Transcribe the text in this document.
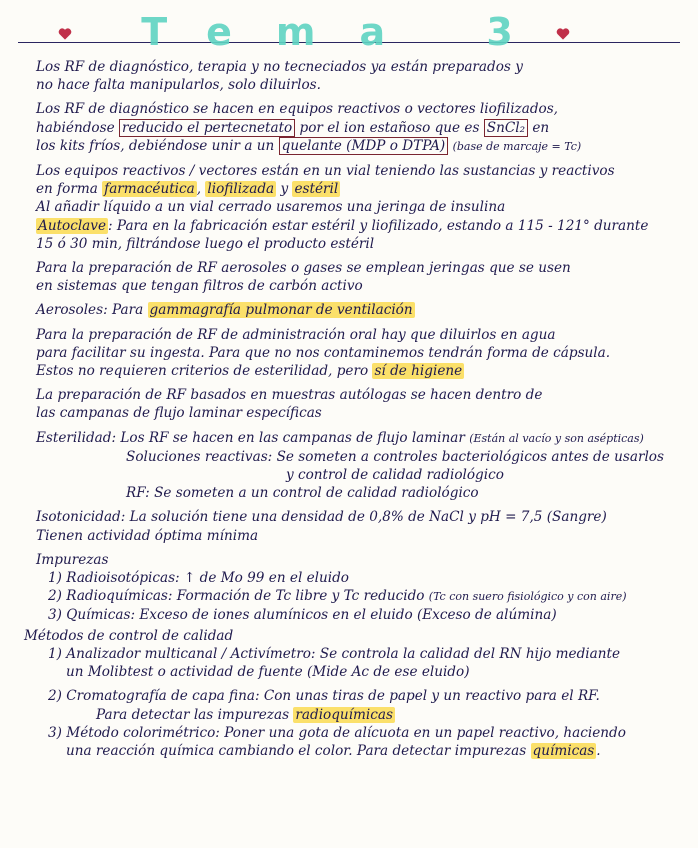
Tema 3

Los RF de diagnóstico, terapia y no tecneciados ya están preparados y

no hace falta manipularlos, solo diluirlos.

Los RF de diagnóstico se hacen en equipos reactivos o vectores liofilizados,

habiéndose reducido el pertecnetato por el ion estañoso que es SnCl₂ en

los kits fríos, debiéndose unir a un quelante (MDP o DTPA) (base de marcaje = Tc)

Los equipos reactivos / vectores están en un vial teniendo las sustancias y reactivos

en forma farmacéutica , liofilizada y estéril

Al añadir líquido a un vial cerrado usaremos una jeringa de insulina

Autoclave : Para en la fabricación estar estéril y liofilizado, estando a 115 - 121° durante

15 ó 30 min, filtrándose luego el producto estéril

Para la preparación de RF aerosoles o gases se emplean jeringas que se usen

en sistemas que tengan filtros de carbón activo

Aerosoles: Para gammagrafía pulmonar de ventilación

Para la preparación de RF de administración oral hay que diluirlos en agua

para facilitar su ingesta. Para que no nos contaminemos tendrán forma de cápsula.

Estos no requieren criterios de esterilidad, pero sí de higiene

La preparación de RF basados en muestras autólogas se hacen dentro de

las campanas de flujo laminar específicas

Esterilidad: Los RF se hacen en las campanas de flujo laminar (Están al vacío y son asépticas)

Soluciones reactivas: Se someten a controles bacteriológicos antes de usarlos

y control de calidad radiológico

RF: Se someten a un control de calidad radiológico

Isotonicidad: La solución tiene una densidad de 0,8% de NaCl y pH = 7,5 (Sangre)

Tienen actividad óptima mínima

Impurezas

1) Radioisotópicas: ↑ de Mo 99 en el eluido

2) Radioquímicas: Formación de Tc libre y Tc reducido (Tc con suero fisiológico y con aire)

3) Químicas: Exceso de iones alumínicos en el eluido (Exceso de alúmina)

Métodos de control de calidad

1) Analizador multicanal / Activímetro: Se controla la calidad del RN hijo mediante

un Molibtest o actividad de fuente (Mide Ac de ese eluido)

2) Cromatografía de capa fina: Con unas tiras de papel y un reactivo para el RF.

Para detectar las impurezas radioquímicas

3) Método colorimétrico: Poner una gota de alícuota en un papel reactivo, haciendo

una reacción química cambiando el color. Para detectar impurezas químicas .
